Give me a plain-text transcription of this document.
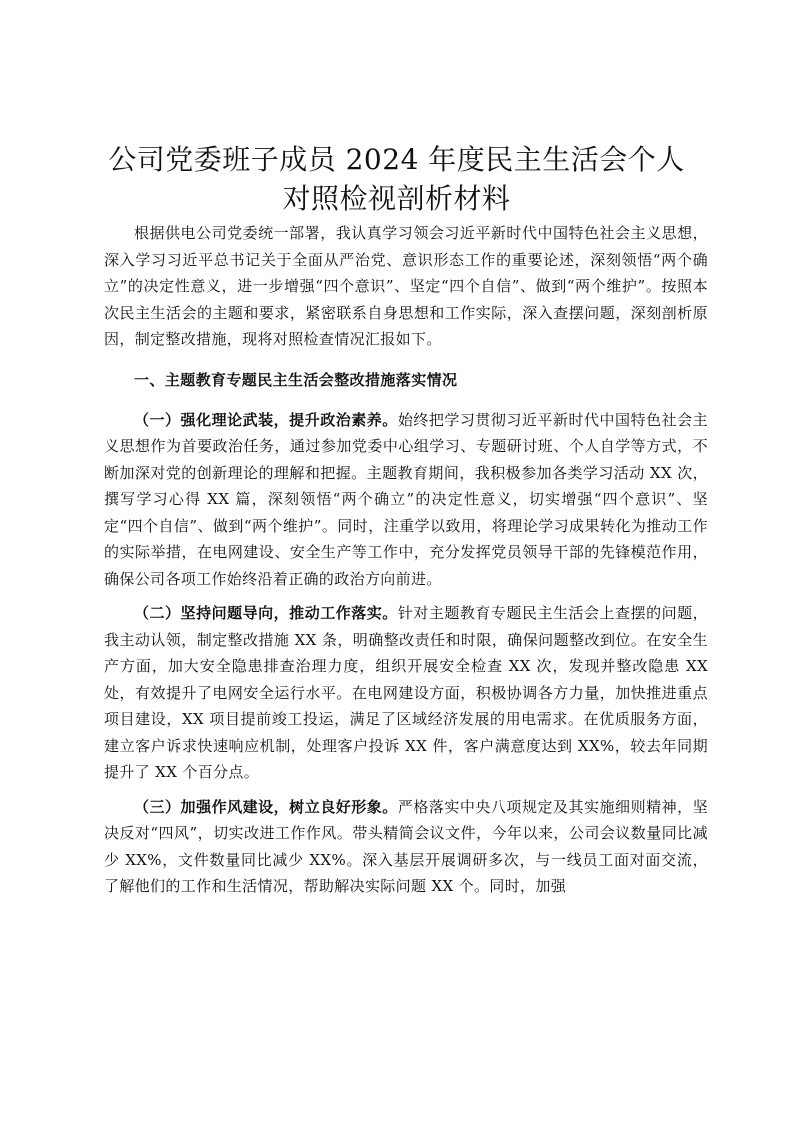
公司党委班子成员 2024 年度民主生活会个人
对照检视剖析材料

根据供电公司党委统一部署，我认真学习领会习近平新时代中国特色社会主义思想，深入学习习近平总书记关于全面从严治党、意识形态工作的重要论述，深刻领悟“两个确立”的决定性意义，进一步增强“四个意识”、坚定“四个自信”、做到“两个维护”。按照本次民主生活会的主题和要求，紧密联系自身思想和工作实际，深入查摆问题，深刻剖析原因，制定整改措施，现将对照检查情况汇报如下。

一、主题教育专题民主生活会整改措施落实情况

（一）强化理论武装，提升政治素养。始终把学习贯彻习近平新时代中国特色社会主义思想作为首要政治任务，通过参加党委中心组学习、专题研讨班、个人自学等方式，不断加深对党的创新理论的理解和把握。主题教育期间，我积极参加各类学习活动 XX 次，撰写学习心得 XX 篇，深刻领悟“两个确立”的决定性意义，切实增强“四个意识”、坚定“四个自信”、做到“两个维护”。同时，注重学以致用，将理论学习成果转化为推动工作的实际举措，在电网建设、安全生产等工作中，充分发挥党员领导干部的先锋模范作用，确保公司各项工作始终沿着正确的政治方向前进。

（二）坚持问题导向，推动工作落实。针对主题教育专题民主生活会上查摆的问题，我主动认领，制定整改措施 XX 条，明确整改责任和时限，确保问题整改到位。在安全生产方面，加大安全隐患排查治理力度，组织开展安全检查 XX 次，发现并整改隐患 XX 处，有效提升了电网安全运行水平。在电网建设方面，积极协调各方力量，加快推进重点项目建设，XX 项目提前竣工投运，满足了区域经济发展的用电需求。在优质服务方面，建立客户诉求快速响应机制，处理客户投诉 XX 件，客户满意度达到 XX%，较去年同期提升了 XX 个百分点。

（三）加强作风建设，树立良好形象。严格落实中央八项规定及其实施细则精神，坚决反对“四风”，切实改进工作作风。带头精简会议文件，今年以来，公司会议数量同比减少 XX%，文件数量同比减少 XX%。深入基层开展调研多次，与一线员工面对面交流，了解他们的工作和生活情况，帮助解决实际问题 XX 个。同时，加强
